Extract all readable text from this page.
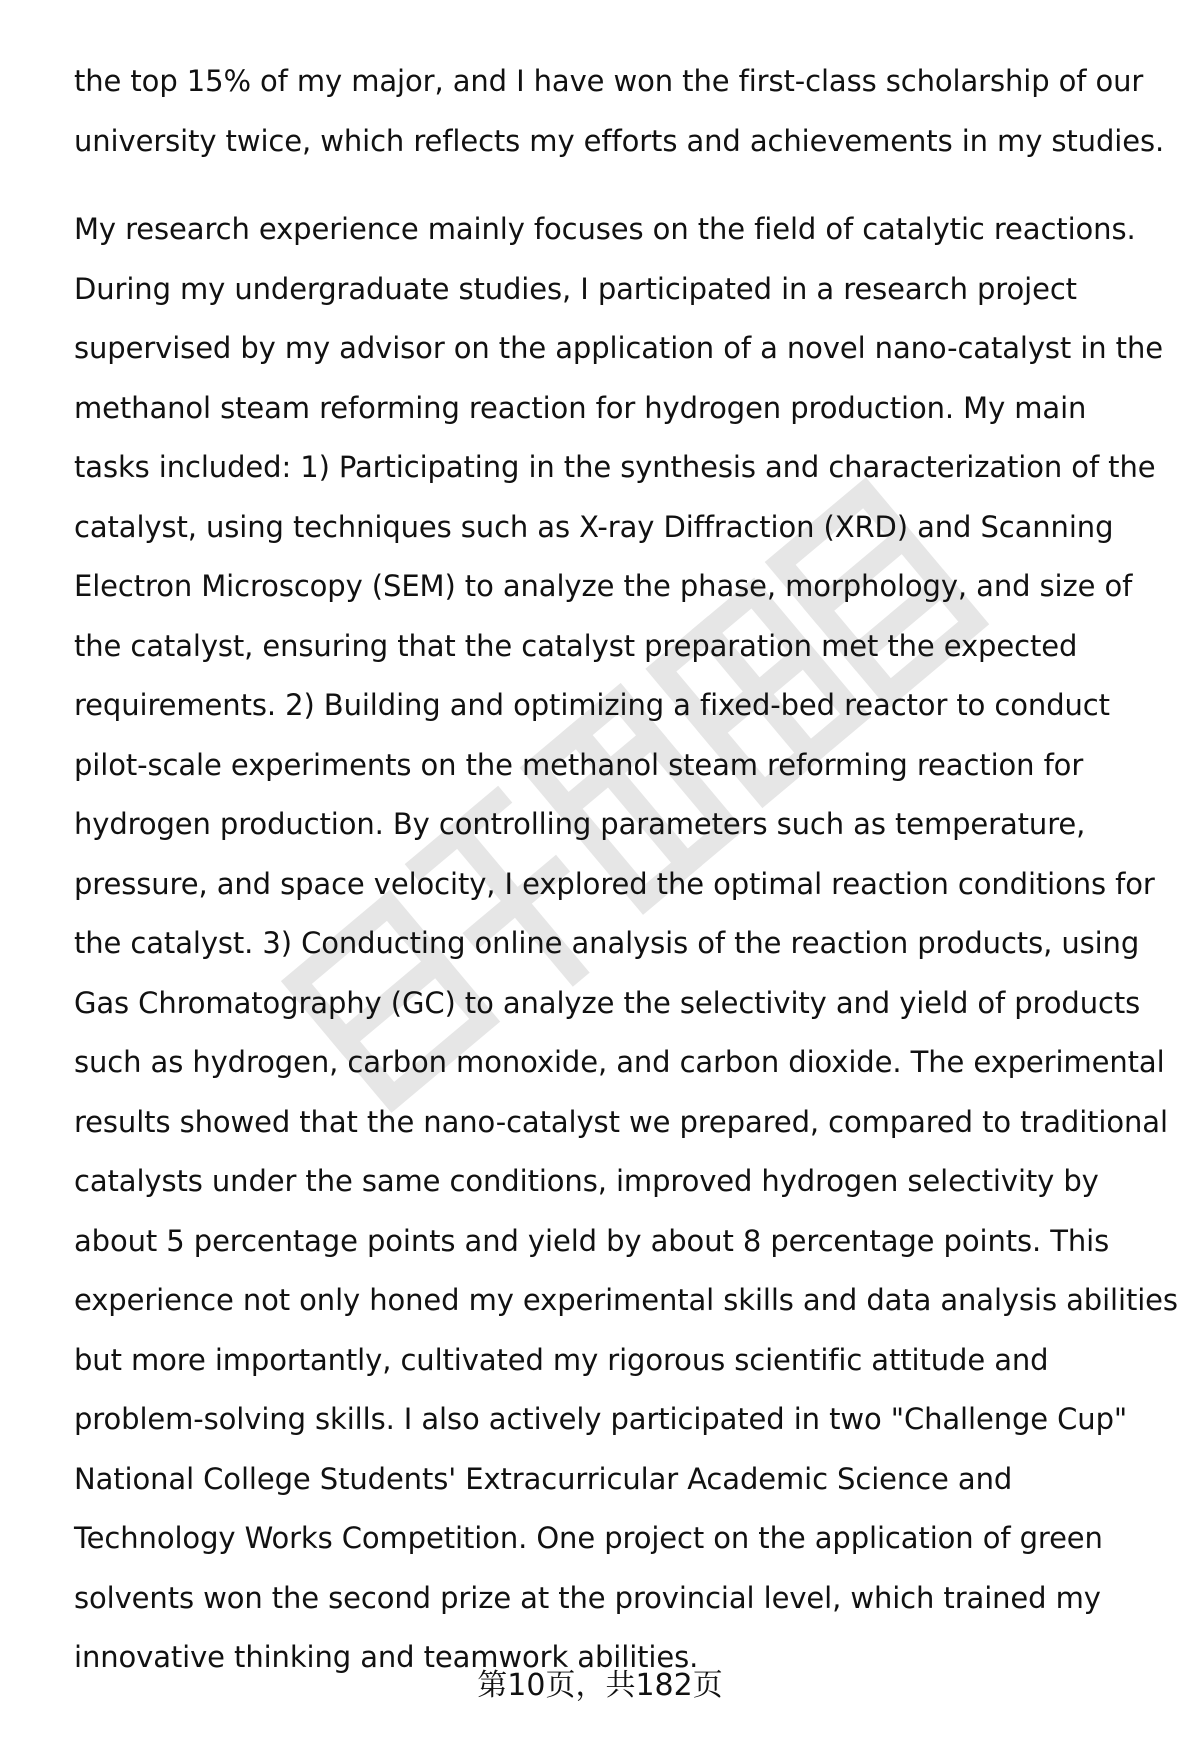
the top 15% of my major, and I have won the first-class scholarship of our
university twice, which reflects my efforts and achievements in my studies.

My research experience mainly focuses on the field of catalytic reactions.
During my undergraduate studies, I participated in a research project
supervised by my advisor on the application of a novel nano-catalyst in the
methanol steam reforming reaction for hydrogen production. My main
tasks included: 1) Participating in the synthesis and characterization of the
catalyst, using techniques such as X-ray Diffraction (XRD) and Scanning
Electron Microscopy (SEM) to analyze the phase, morphology, and size of
the catalyst, ensuring that the catalyst preparation met the expected
requirements. 2) Building and optimizing a fixed-bed reactor to conduct
pilot-scale experiments on the methanol steam reforming reaction for
hydrogen production. By controlling parameters such as temperature,
pressure, and space velocity, I explored the optimal reaction conditions for
the catalyst. 3) Conducting online analysis of the reaction products, using
Gas Chromatography (GC) to analyze the selectivity and yield of products
such as hydrogen, carbon monoxide, and carbon dioxide. The experimental
results showed that the nano-catalyst we prepared, compared to traditional
catalysts under the same conditions, improved hydrogen selectivity by
about 5 percentage points and yield by about 8 percentage points. This
experience not only honed my experimental skills and data analysis abilities
but more importantly, cultivated my rigorous scientific attitude and
problem-solving skills. I also actively participated in two "Challenge Cup"
National College Students' Extracurricular Academic Science and
Technology Works Competition. One project on the application of green
solvents won the second prize at the provincial level, which trained my
innovative thinking and teamwork abilities.

第10页，共182页
